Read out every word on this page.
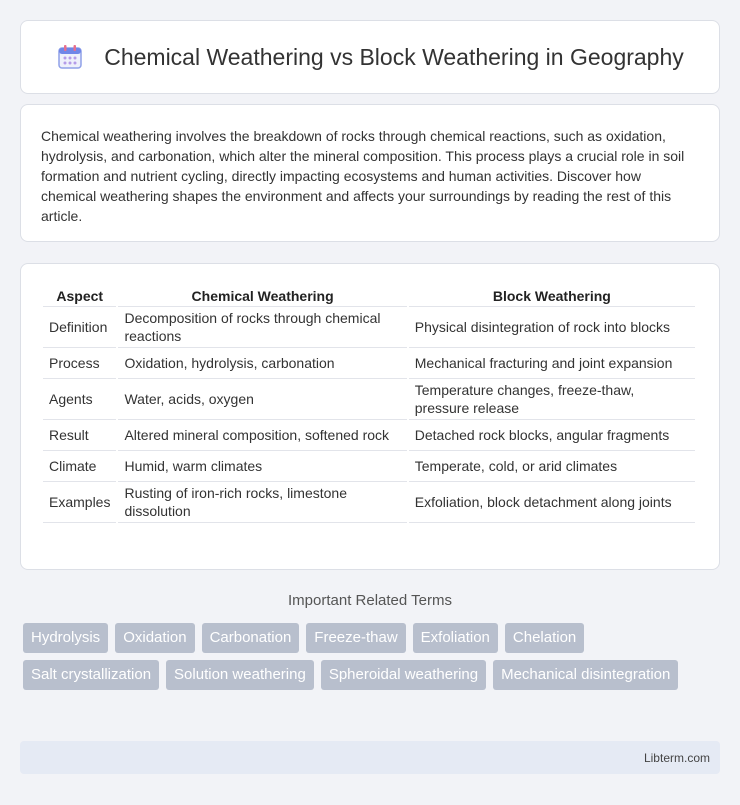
Chemical Weathering vs Block Weathering in Geography

Chemical weathering involves the breakdown of rocks through chemical reactions, such as oxidation, hydrolysis, and carbonation, which alter the mineral composition. This process plays a crucial role in soil formation and nutrient cycling, directly impacting ecosystems and human activities. Discover how chemical weathering shapes the environment and affects your surroundings by reading the rest of this article.

Aspect	Chemical Weathering	Block Weathering
Definition	Decomposition of rocks through chemical reactions	Physical disintegration of rock into blocks
Process	Oxidation, hydrolysis, carbonation	Mechanical fracturing and joint expansion
Agents	Water, acids, oxygen	Temperature changes, freeze-thaw, pressure release
Result	Altered mineral composition, softened rock	Detached rock blocks, angular fragments
Climate	Humid, warm climates	Temperate, cold, or arid climates
Examples	Rusting of iron-rich rocks, limestone dissolution	Exfoliation, block detachment along joints
Important Related Terms
Hydrolysis	Oxidation	Carbonation	Freeze-thaw	Exfoliation	Chelation
Salt crystallization	Solution weathering	Spheroidal weathering	Mechanical disintegration
Libterm.com
